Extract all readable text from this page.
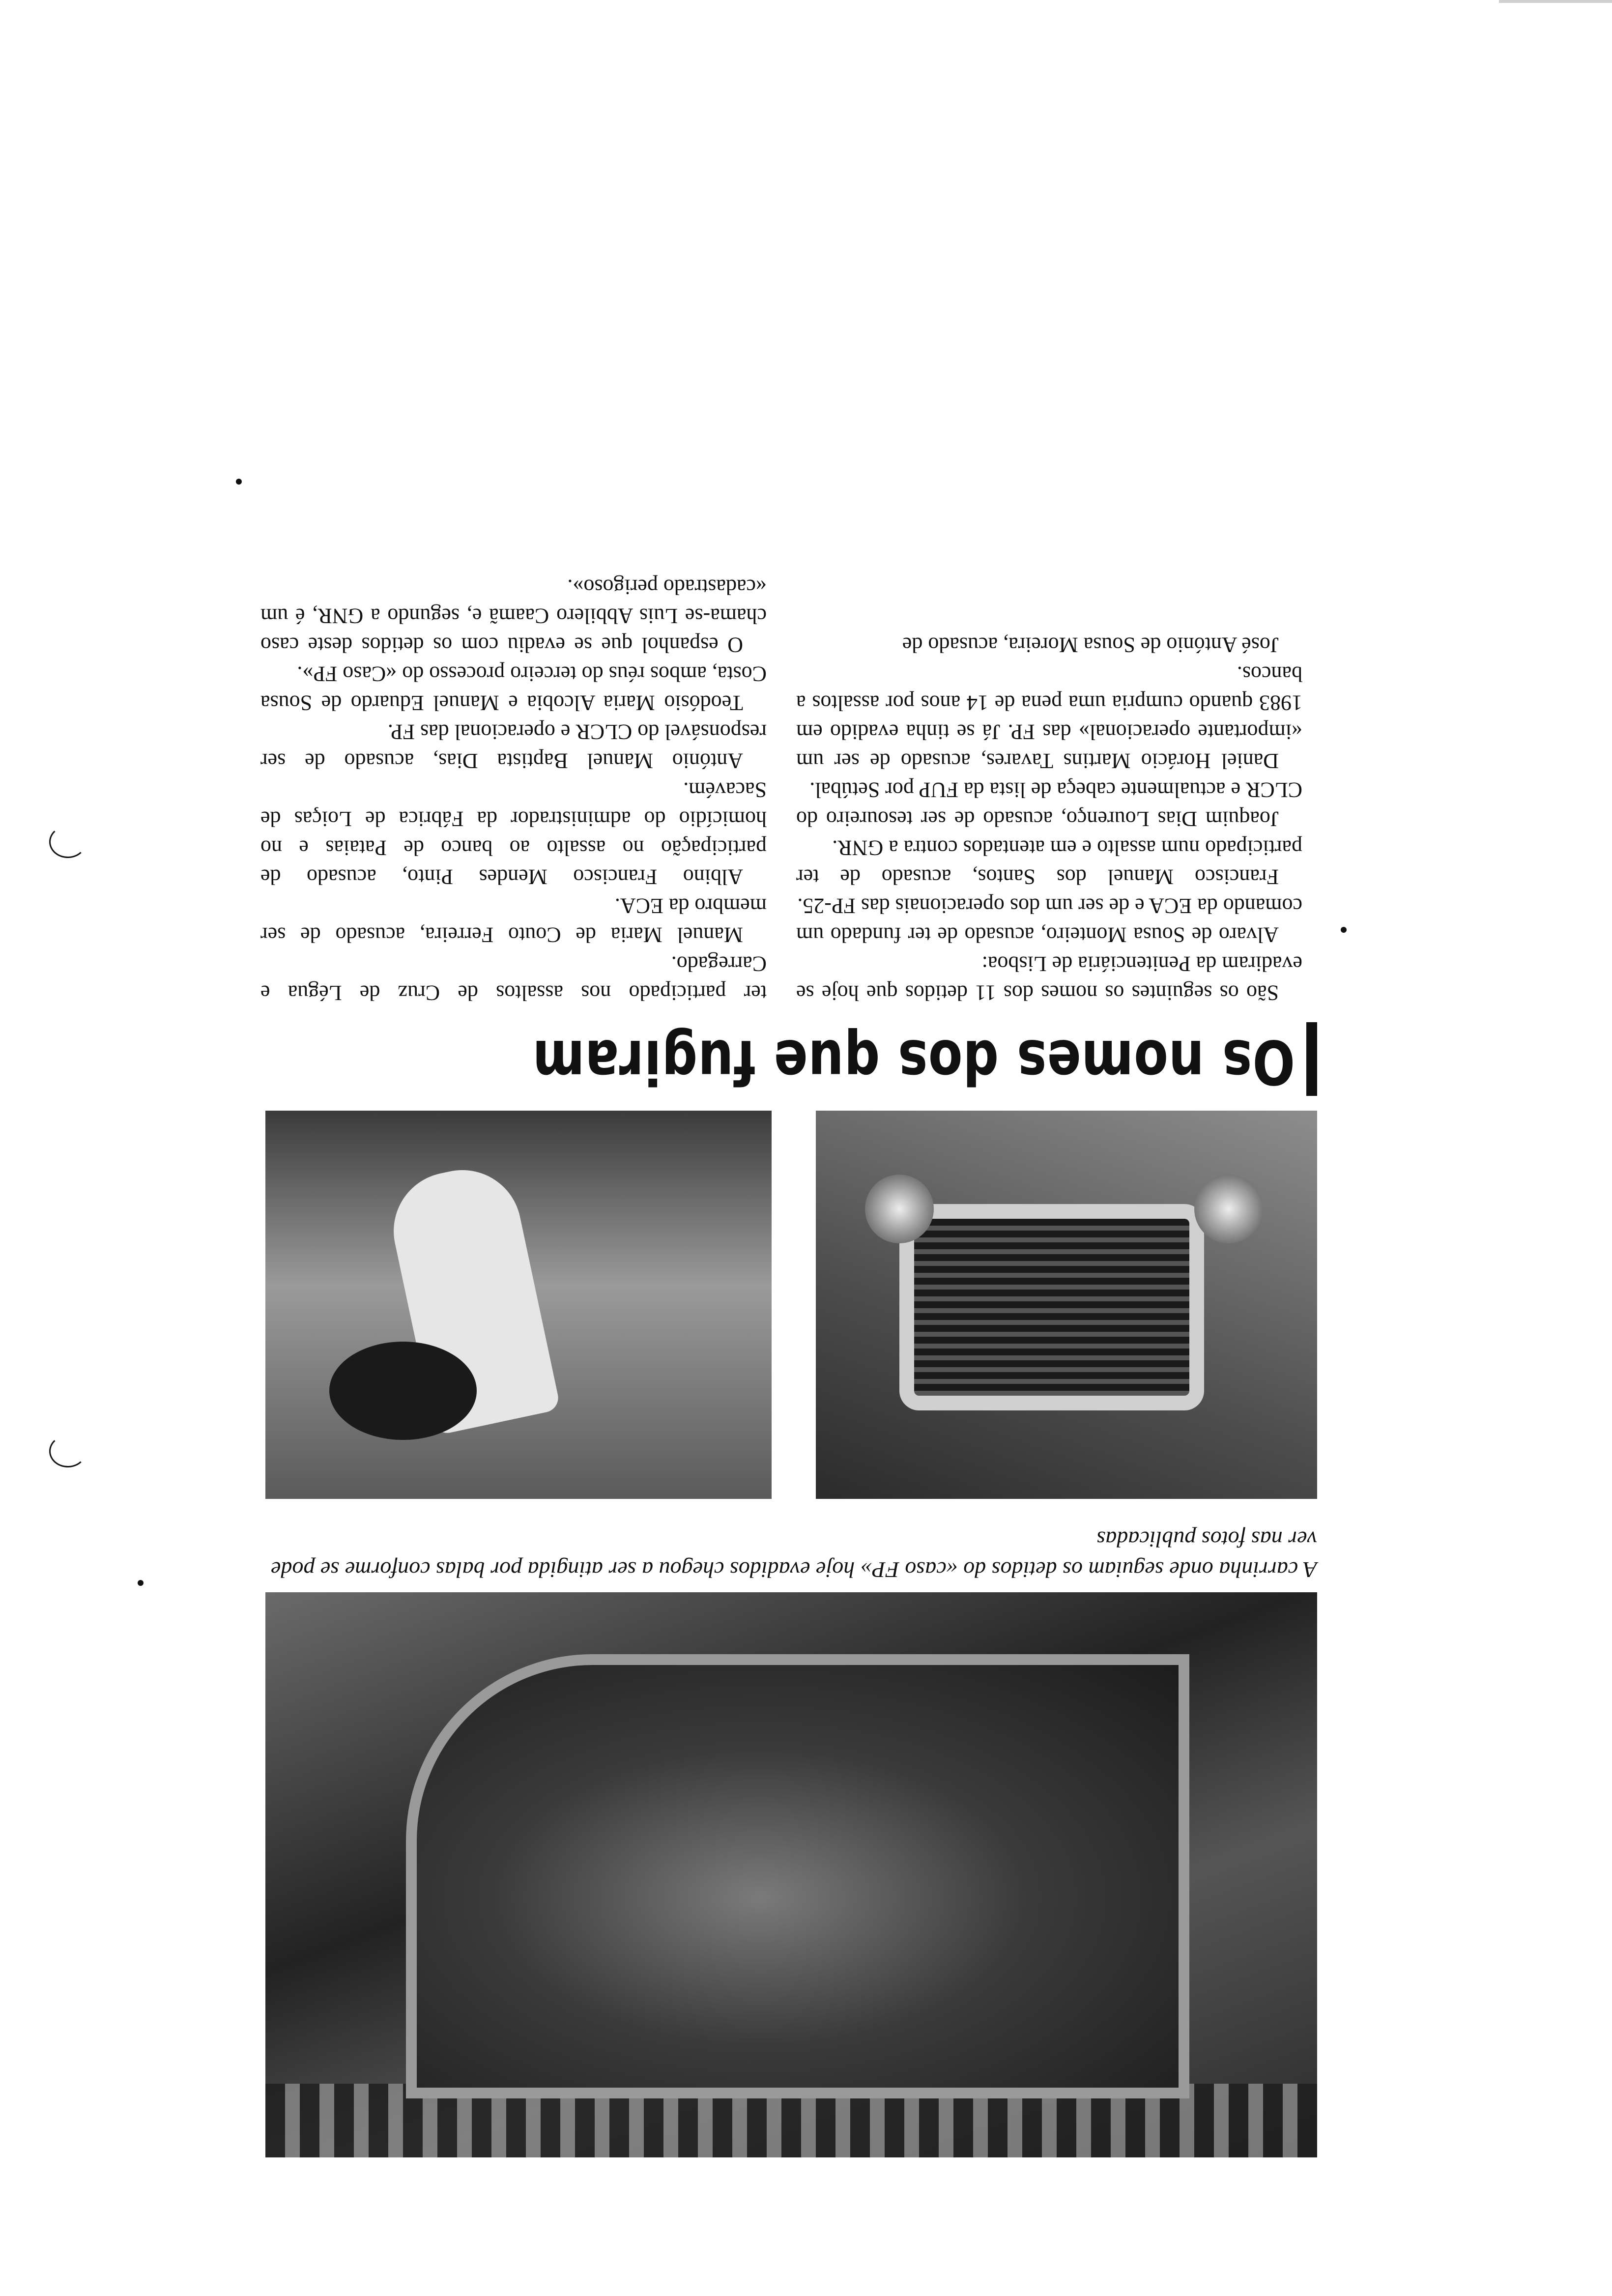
A carrinha onde seguiam os detidos do «caso FP» hoje evadidos chegou a ser atingida por balas conforme se pode ver nas fotos publicadas
Os nomes dos que fugiram

São os seguintes os nomes dos 11 detidos que hoje se evadiram da Penitenciária de Lisboa:

Alvaro de Sousa Monteiro, acusado de ter fundado um comando da ECA e de ser um dos operacionais das FP-25.

Francisco Manuel dos Santos, acusado de ter participado num assalto e em atentados contra a GNR.

Joaquim Dias Lourenço, acusado de ser tesoureiro do CLCR e actualmente cabeça de lista da FUP por Setúbal.

Daniel Horácio Martins Tavares, acusado de ser um «importante operacional» das FP. Já se tinha evadido em 1983 quando cumpria uma pena de 14 anos por assaltos a bancos.

José António de Sousa Moreira, acusado de

ter participado nos assaltos de Cruz de Légua e Carregado.

Manuel Maria de Couto Ferreira, acusado de ser membro da ECA.

Albino Francisco Mendes Pinto, acusado de participação no assalto ao banco de Pataias e no homicídio do administrador da Fábrica de Loiças de Sacavém.

António Manuel Baptista Dias, acusado de ser responsável do CLCR e operacional das FP.

Teodósio Maria Alcobia e Manuel Eduardo de Sousa Costa, ambos réus do terceiro processo do «Caso FP».

O espanhol que se evadiu com os detidos deste caso chama-se Luis Abbilero Caamã e, segundo a GNR, é um «cadastrado perigoso».
